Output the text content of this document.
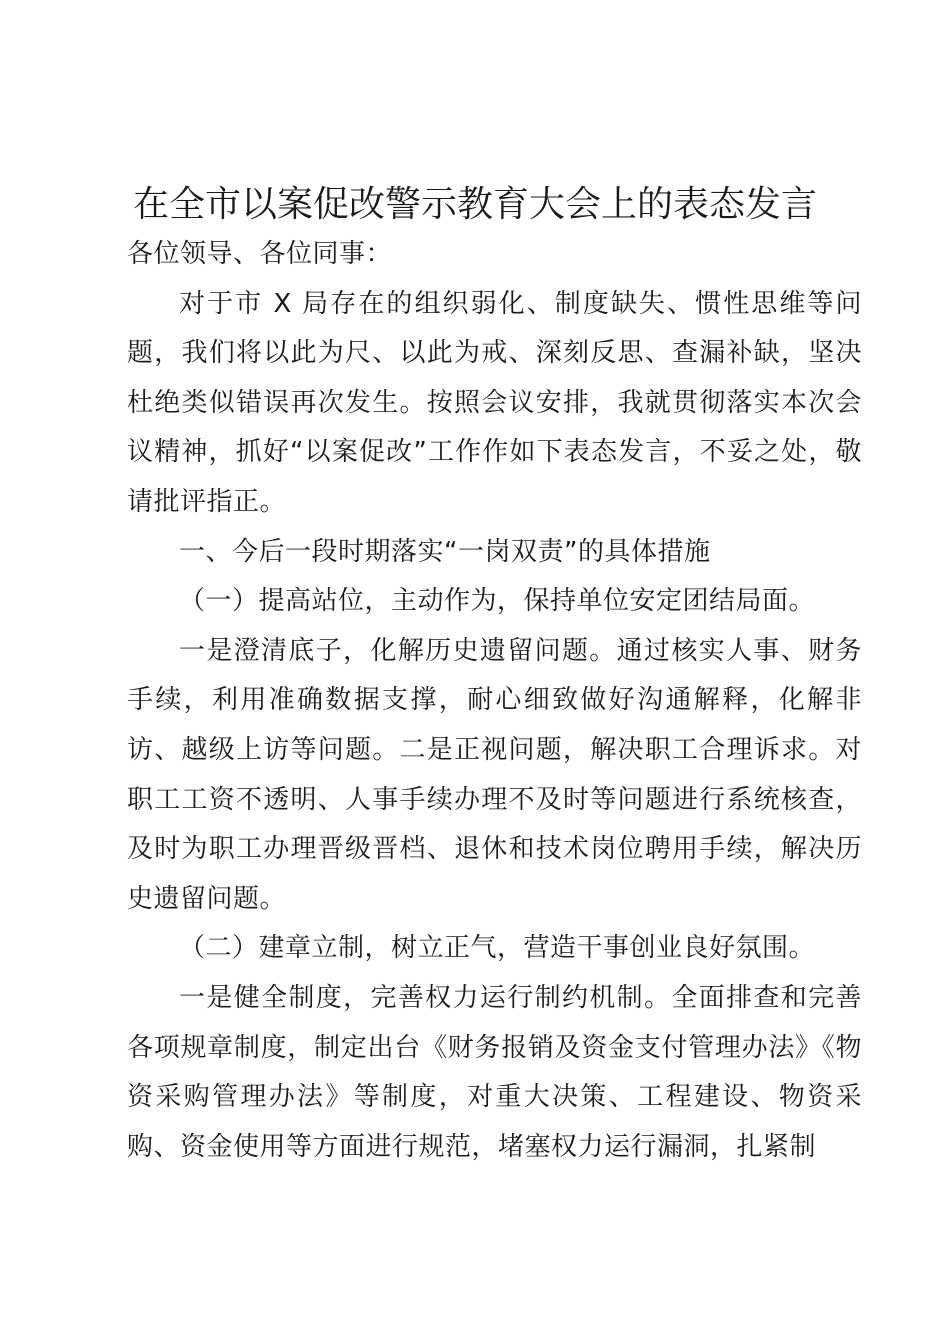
在全市以案促改警示教育大会上的表态发言

各位领导、各位同事：

对于市 X 局存在的组织弱化、制度缺失、惯性思维等问题，我们将以此为尺、以此为戒、深刻反思、查漏补缺，坚决杜绝类似错误再次发生。按照会议安排，我就贯彻落实本次会议精神，抓好“以案促改”工作作如下表态发言，不妥之处，敬请批评指正。

一、今后一段时期落实“一岗双责”的具体措施

（一）提高站位，主动作为，保持单位安定团结局面。

一是澄清底子，化解历史遗留问题。通过核实人事、财务手续，利用准确数据支撑，耐心细致做好沟通解释，化解非访、越级上访等问题。二是正视问题，解决职工合理诉求。对职工工资不透明、人事手续办理不及时等问题进行系统核查，及时为职工办理晋级晋档、退休和技术岗位聘用手续，解决历史遗留问题。

（二）建章立制，树立正气，营造干事创业良好氛围。

一是健全制度，完善权力运行制约机制。全面排查和完善各项规章制度，制定出台《财务报销及资金支付管理办法》《物资采购管理办法》等制度，对重大决策、工程建设、物资采购、资金使用等方面进行规范，堵塞权力运行漏洞，扎紧制
